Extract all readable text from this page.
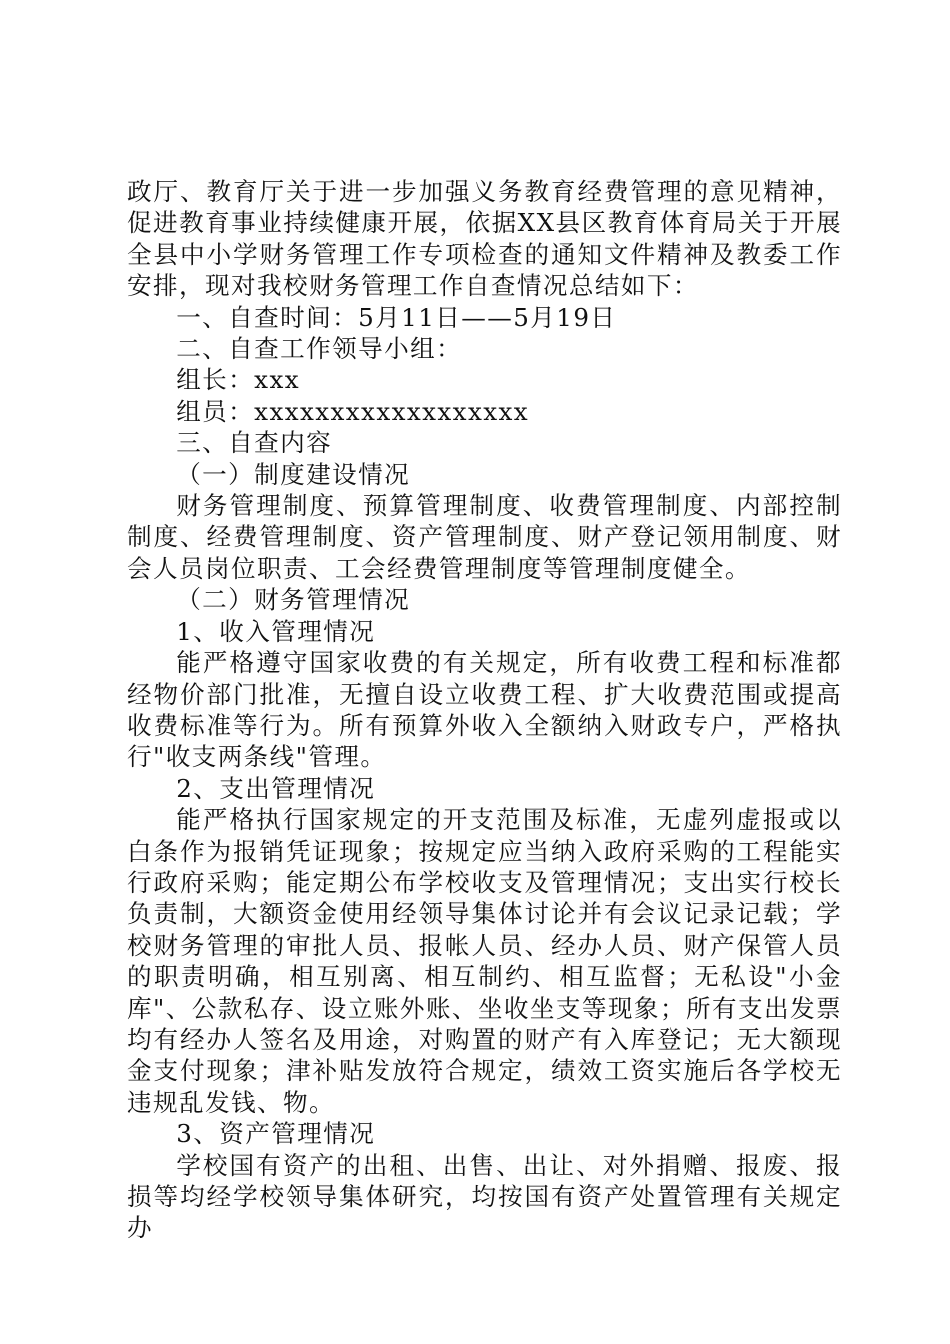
政厅、教育厅关于进一步加强义务教育经费管理的意见精神，促进教育事业持续健康开展，依据XX县区教育体育局关于开展全县中小学财务管理工作专项检查的通知文件精神及教委工作安排，现对我校财务管理工作自查情况总结如下：

一、自查时间：5月11日——5月19日

二、自查工作领导小组：

组长：xxx

组员：xxxxxxxxxxxxxxxxxx

三、自查内容

（一）制度建设情况

财务管理制度、预算管理制度、收费管理制度、内部控制制度、经费管理制度、资产管理制度、财产登记领用制度、财会人员岗位职责、工会经费管理制度等管理制度健全。

（二）财务管理情况

1、收入管理情况

能严格遵守国家收费的有关规定，所有收费工程和标准都经物价部门批准，无擅自设立收费工程、扩大收费范围或提高收费标准等行为。所有预算外收入全额纳入财政专户，严格执行"收支两条线"管理。

2、支出管理情况

能严格执行国家规定的开支范围及标准，无虚列虚报或以白条作为报销凭证现象；按规定应当纳入政府采购的工程能实行政府采购；能定期公布学校收支及管理情况；支出实行校长负责制，大额资金使用经领导集体讨论并有会议记录记载；学校财务管理的审批人员、报帐人员、经办人员、财产保管人员的职责明确，相互别离、相互制约、相互监督；无私设"小金库"、公款私存、设立账外账、坐收坐支等现象；所有支出发票均有经办人签名及用途，对购置的财产有入库登记；无大额现金支付现象；津补贴发放符合规定，绩效工资实施后各学校无违规乱发钱、物。

3、资产管理情况

学校国有资产的出租、出售、出让、对外捐赠、报废、报损等均经学校领导集体研究，均按国有资产处置管理有关规定办
